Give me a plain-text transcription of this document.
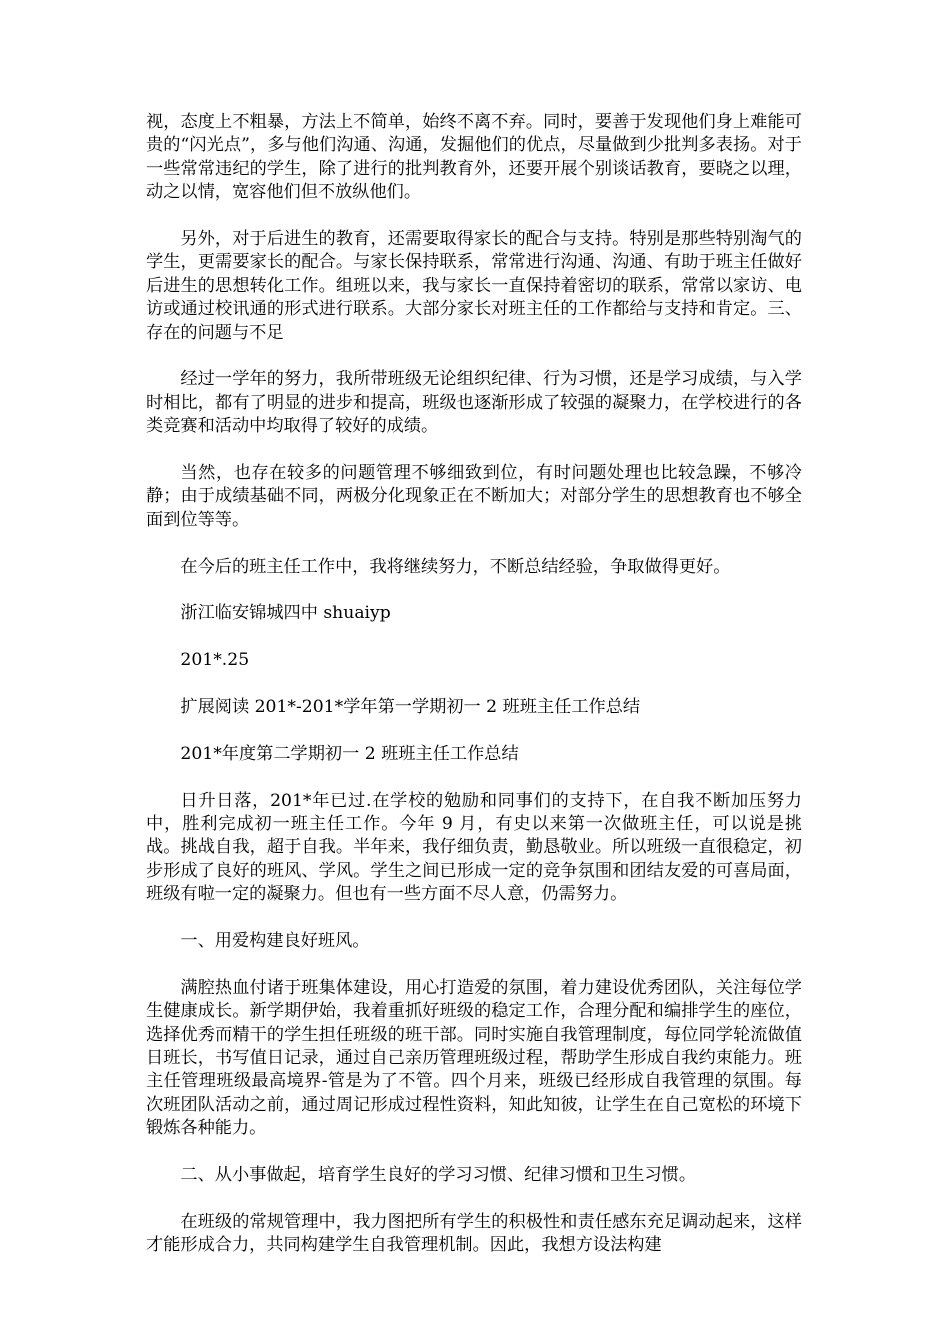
视，态度上不粗暴，方法上不简单，始终不离不弃。同时，要善于发现他们身上难能可贵的“闪光点”，多与他们沟通、沟通，发掘他们的优点，尽量做到少批判多表扬。对于一些常常违纪的学生，除了进行的批判教育外，还要开展个别谈话教育，要晓之以理，动之以情，宽容他们但不放纵他们。

另外，对于后进生的教育，还需要取得家长的配合与支持。特别是那些特别淘气的学生，更需要家长的配合。与家长保持联系，常常进行沟通、沟通、有助于班主任做好后进生的思想转化工作。组班以来，我与家长一直保持着密切的联系，常常以家访、电访或通过校讯通的形式进行联系。大部分家长对班主任的工作都给与支持和肯定。三、存在的问题与不足

经过一学年的努力，我所带班级无论组织纪律、行为习惯，还是学习成绩，与入学时相比，都有了明显的进步和提高，班级也逐渐形成了较强的凝聚力，在学校进行的各类竞赛和活动中均取得了较好的成绩。

当然，也存在较多的问题管理不够细致到位，有时问题处理也比较急躁，不够冷静；由于成绩基础不同，两极分化现象正在不断加大；对部分学生的思想教育也不够全面到位等等。

在今后的班主任工作中，我将继续努力，不断总结经验，争取做得更好。

浙江临安锦城四中 shuaiyp

201*.25

扩展阅读 201*-201*学年第一学期初一 2 班班主任工作总结

201*年度第二学期初一 2 班班主任工作总结

日升日落，201*年已过.在学校的勉励和同事们的支持下，在自我不断加压努力中，胜利完成初一班主任工作。今年 9 月，有史以来第一次做班主任，可以说是挑战。挑战自我，超于自我。半年来，我仔细负责，勤恳敬业。所以班级一直很稳定，初步形成了良好的班风、学风。学生之间已形成一定的竞争氛围和团结友爱的可喜局面，班级有啦一定的凝聚力。但也有一些方面不尽人意，仍需努力。

一、用爱构建良好班风。

满腔热血付诸于班集体建设，用心打造爱的氛围，着力建设优秀团队，关注每位学生健康成长。新学期伊始，我着重抓好班级的稳定工作，合理分配和编排学生的座位，选择优秀而精干的学生担任班级的班干部。同时实施自我管理制度，每位同学轮流做值日班长，书写值日记录，通过自己亲历管理班级过程，帮助学生形成自我约束能力。班主任管理班级最高境界-管是为了不管。四个月来，班级已经形成自我管理的氛围。每次班团队活动之前，通过周记形成过程性资料，知此知彼，让学生在自己宽松的环境下锻炼各种能力。

二、从小事做起，培育学生良好的学习习惯、纪律习惯和卫生习惯。

在班级的常规管理中，我力图把所有学生的积极性和责任感东充足调动起来，这样才能形成合力，共同构建学生自我管理机制。因此，我想方设法构建
